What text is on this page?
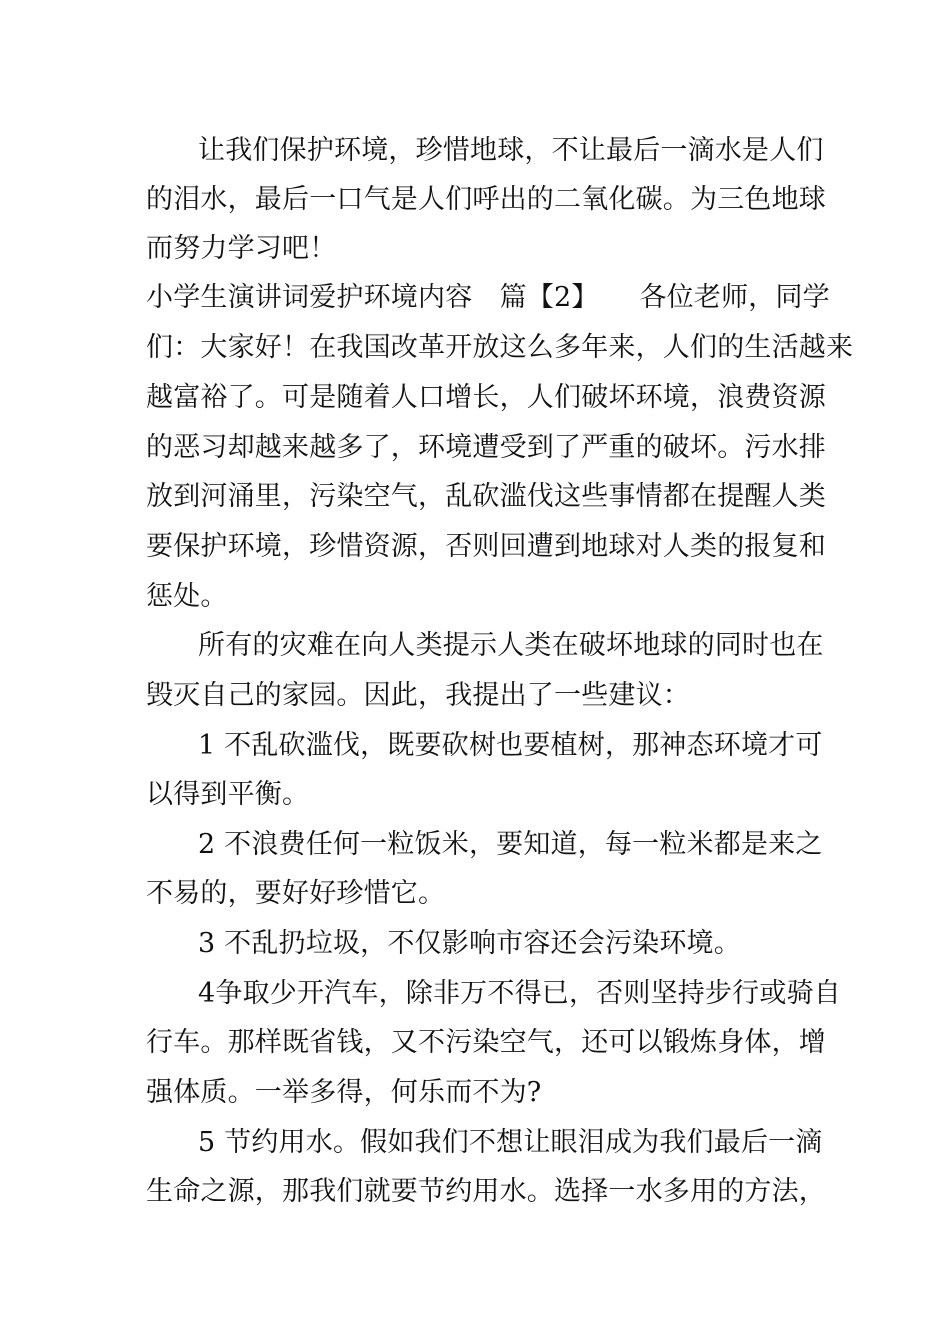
让我们保护环境，珍惜地球，不让最后一滴水是人们
的泪水，最后一口气是人们呼出的二氧化碳。为三色地球
而努力学习吧！
小学生演讲词爱护环境内容　篇【2】　　各位老师，同学
们：大家好！在我国改革开放这么多年来，人们的生活越来
越富裕了。可是随着人口增长，人们破坏环境，浪费资源
的恶习却越来越多了，环境遭受到了严重的破坏。污水排
放到河涌里，污染空气，乱砍滥伐这些事情都在提醒人类
要保护环境，珍惜资源，否则回遭到地球对人类的报复和
惩处。
所有的灾难在向人类提示人类在破坏地球的同时也在
毁灭自己的家园。因此，我提出了一些建议：
1 不乱砍滥伐，既要砍树也要植树，那神态环境才可
以得到平衡。
2 不浪费任何一粒饭米，要知道，每一粒米都是来之
不易的，要好好珍惜它。
3 不乱扔垃圾，不仅影响市容还会污染环境。
4争取少开汽车，除非万不得已，否则坚持步行或骑自
行车。那样既省钱，又不污染空气，还可以锻炼身体，增
强体质。一举多得，何乐而不为?
5 节约用水。假如我们不想让眼泪成为我们最后一滴
生命之源，那我们就要节约用水。选择一水多用的方法，
